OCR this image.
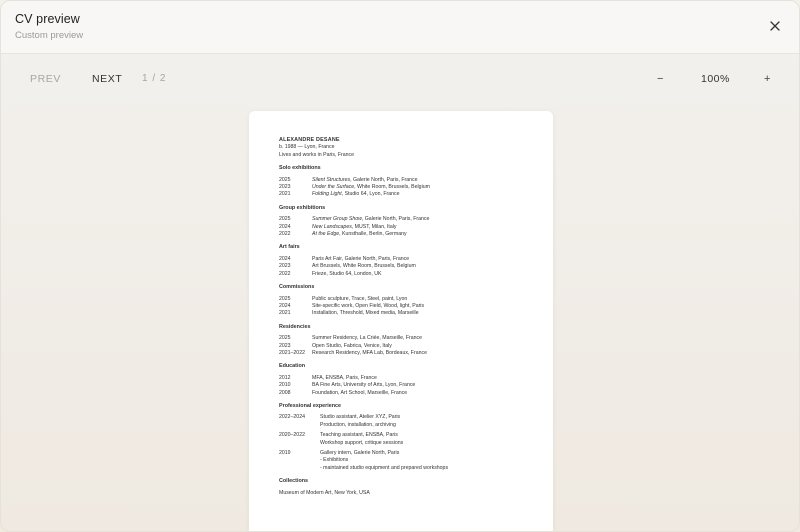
CV preview
Custom preview
PREV	NEXT 1 / 2	−	100%	+
ALEXANDRE DESANE
b. 1988 — Lyon, France
Lives and works in Paris, France
Solo exhibitions
2025	Silent Structures, Galerie North, Paris, France
2023	Under the Surface, White Room, Brussels, Belgium
2021	Folding Light, Studio 64, Lyon, France
Group exhibitions
2025	Summer Group Show, Galerie North, Paris, France
2024	New Landscapes, MUST, Milan, Italy
2022	At the Edge, Kunsthalle, Berlin, Germany
Art fairs
2024	Paris Art Fair, Galerie North, Paris, France
2023	Art Brussels, White Room, Brussels, Belgium
2022	Frieze, Studio 64, London, UK
Commissions
2025	Public sculpture, Trace, Steel, paint, Lyon
2024	Site-specific work, Open Field, Wood, light, Paris
2021	Installation, Threshold, Mixed media, Marseille
Residencies
2025	Summer Residency, La Criée, Marseille, France
2023	Open Studio, Fabrica, Venice, Italy
2021–2022	Research Residency, MFA Lab, Bordeaux, France
Education
2012	MFA, ENSBA, Paris, France
2010	BA Fine Arts, University of Arts, Lyon, France
2008	Foundation, Art School, Marseille, France
Professional experience
2022–2024	Studio assistant, Atelier XYZ, Paris
Production, installation, archiving
2020–2022	Teaching assistant, ENSBA, Paris
Workshop support, critique sessions
2019	Gallery intern, Galerie North, Paris
- Exhibitions
- maintained studio equipment and prepared workshops
Collections
Museum of Modern Art, New York, USA
